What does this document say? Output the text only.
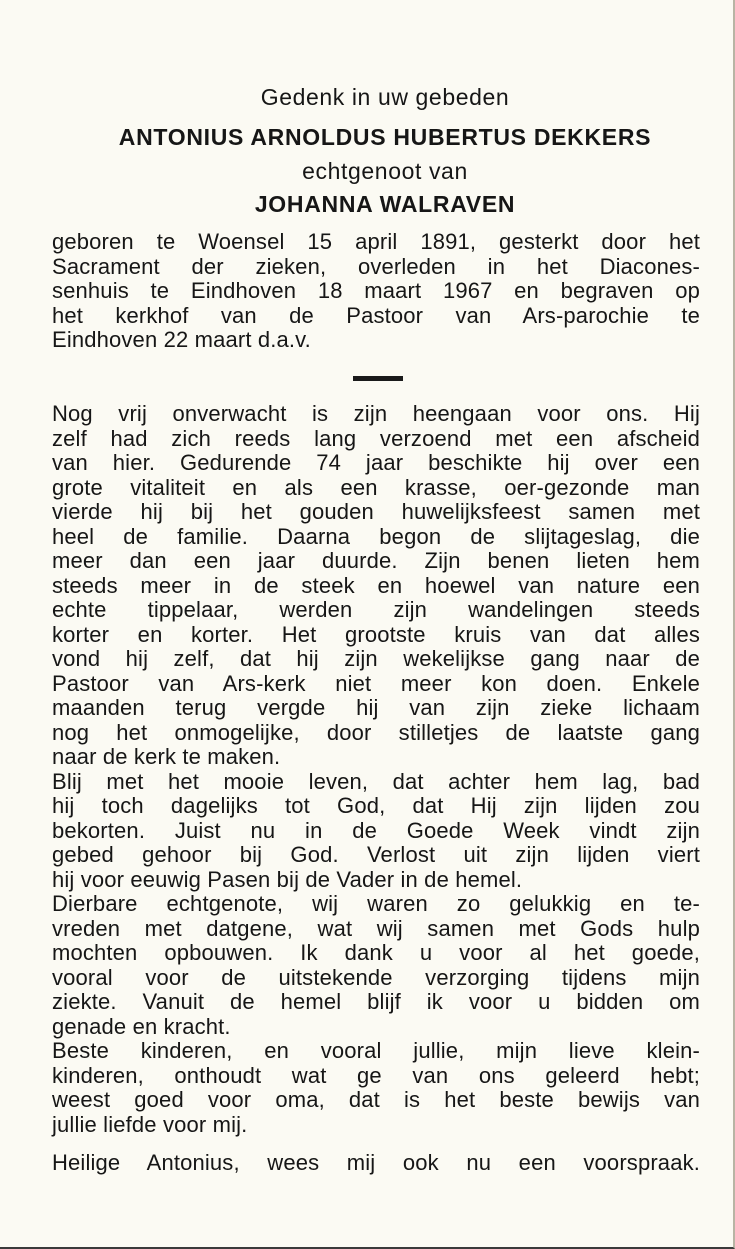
Gedenk in uw gebeden
ANTONIUS ARNOLDUS HUBERTUS DEKKERS
echtgenoot van
JOHANNA WALRAVEN
geboren te Woensel 15 april 1891, gesterkt door het
Sacrament der zieken, overleden in het Diacones-
senhuis te Eindhoven 18 maart 1967 en begraven op
het kerkhof van de Pastoor van Ars-parochie te
Eindhoven 22 maart d.a.v.
Nog vrij onverwacht is zijn heengaan voor ons. Hij
zelf had zich reeds lang verzoend met een afscheid
van hier. Gedurende 74 jaar beschikte hij over een
grote vitaliteit en als een krasse, oer-gezonde man
vierde hij bij het gouden huwelijksfeest samen met
heel de familie. Daarna begon de slijtageslag, die
meer dan een jaar duurde. Zijn benen lieten hem
steeds meer in de steek en hoewel van nature een
echte tippelaar, werden zijn wandelingen steeds
korter en korter. Het grootste kruis van dat alles
vond hij zelf, dat hij zijn wekelijkse gang naar de
Pastoor van Ars-kerk niet meer kon doen. Enkele
maanden terug vergde hij van zijn zieke lichaam
nog het onmogelijke, door stilletjes de laatste gang
naar de kerk te maken.
Blij met het mooie leven, dat achter hem lag, bad
hij toch dagelijks tot God, dat Hij zijn lijden zou
bekorten. Juist nu in de Goede Week vindt zijn
gebed gehoor bij God. Verlost uit zijn lijden viert
hij voor eeuwig Pasen bij de Vader in de hemel.
Dierbare echtgenote, wij waren zo gelukkig en te-
vreden met datgene, wat wij samen met Gods hulp
mochten opbouwen. Ik dank u voor al het goede,
vooral voor de uitstekende verzorging tijdens mijn
ziekte. Vanuit de hemel blijf ik voor u bidden om
genade en kracht.
Beste kinderen, en vooral jullie, mijn lieve klein-
kinderen, onthoudt wat ge van ons geleerd hebt;
weest goed voor oma, dat is het beste bewijs van
jullie liefde voor mij.
Heilige Antonius, wees mij ook nu een voorspraak.
